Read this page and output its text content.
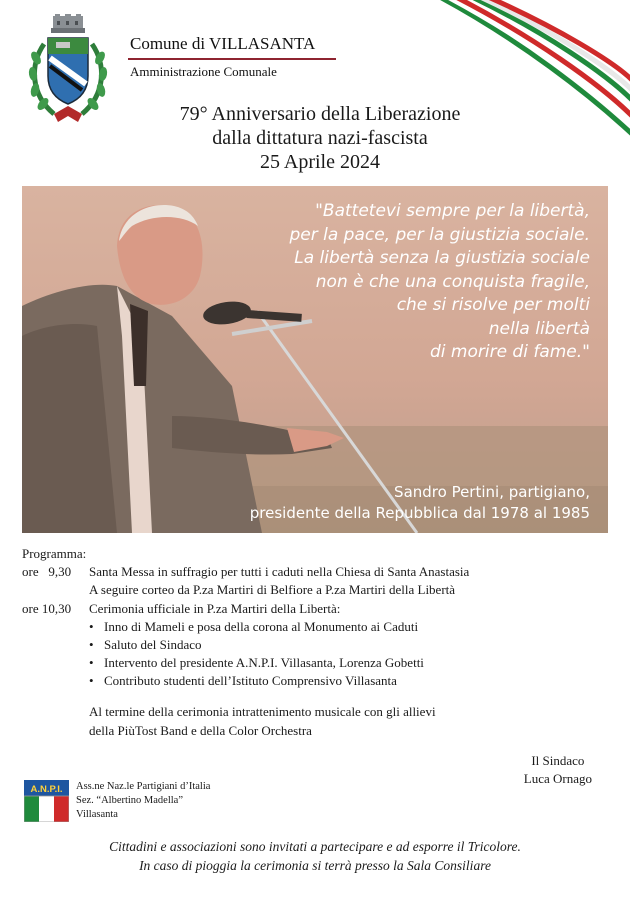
Comune di VILLASANTA
Amministrazione Comunale
79° Anniversario della Liberazione
dalla dittatura nazi-fascista
25 Aprile 2024
"Battetevi sempre per la libertà,
per la pace, per la giustizia sociale.
La libertà senza la giustizia sociale
non è che una conquista fragile,
che si risolve per molti
nella libertà
di morire di fame."
Sandro Pertini, partigiano,
presidente della Repubblica dal 1978 al 1985
Programma:
ore 9,30	Santa Messa in suffragio per tutti i caduti nella Chiesa di Santa Anastasia
A seguire corteo da P.za Martiri di Belfiore a P.za Martiri della Libertà
ore 10,30	Cerimonia ufficiale in P.za Martiri della Libertà:
• Inno di Mameli e posa della corona al Monumento ai Caduti
• Saluto del Sindaco
• Intervento del presidente A.N.P.I. Villasanta, Lorenza Gobetti
• Contributo studenti dell’Istituto Comprensivo Villasanta
Al termine della cerimonia intrattenimento musicale con gli allievi
della PiùTost Band e della Color Orchestra
Il Sindaco
Luca Ornago
A.N.P.I. Ass.ne Naz.le Partigiani d’Italia
Sez. “Albertino Madella”
Villasanta
Cittadini e associazioni sono invitati a partecipare e ad esporre il Tricolore.
In caso di pioggia la cerimonia si terrà presso la Sala Consiliare
